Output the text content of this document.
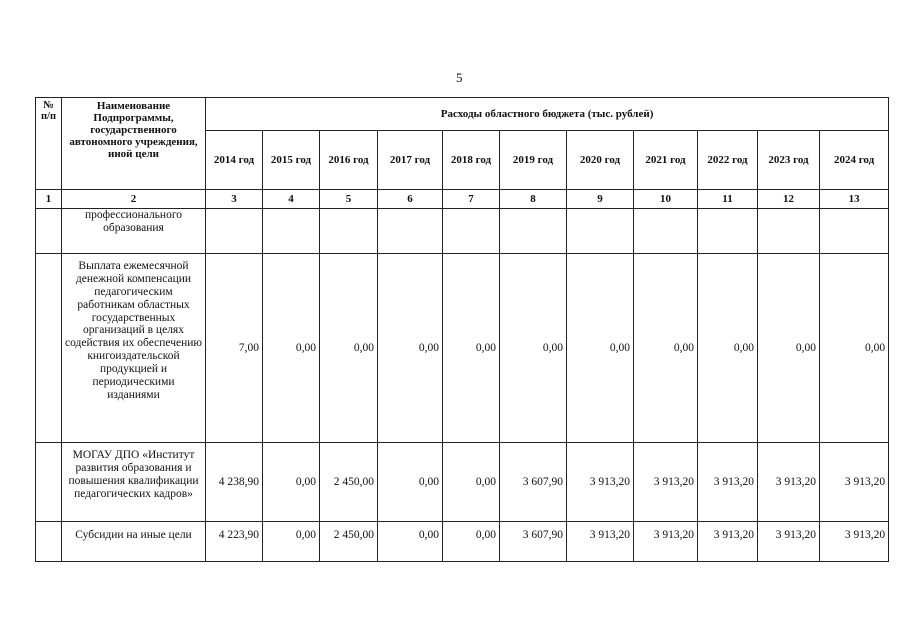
5
№ п/п	Наименование Подпрограммы, государственного автономного учреждения, иной цели	Расходы областного бюджета (тыс. рублей)										
		2014 год	2015 год	2016 год	2017 год	2018 год	2019 год	2020 год	2021 год	2022 год	2023 год	2024 год
1	2	3	4	5	6	7	8	9	10	11	12	13
	профессионального образования											
	Выплата ежемесячной денежной компенсации педагогическим работникам областных государственных организаций в целях содействия их обеспечению книгоиздательской продукцией и периодическими изданиями	7,00	0,00	0,00	0,00	0,00	0,00	0,00	0,00	0,00	0,00	0,00
	МОГАУ ДПО «Институт развития образования и повышения квалификации педагогических кадров»	4 238,90	0,00	2 450,00	0,00	0,00	3 607,90	3 913,20	3 913,20	3 913,20	3 913,20	3 913,20
	Субсидии на иные цели	4 223,90	0,00	2 450,00	0,00	0,00	3 607,90	3 913,20	3 913,20	3 913,20	3 913,20	3 913,20
